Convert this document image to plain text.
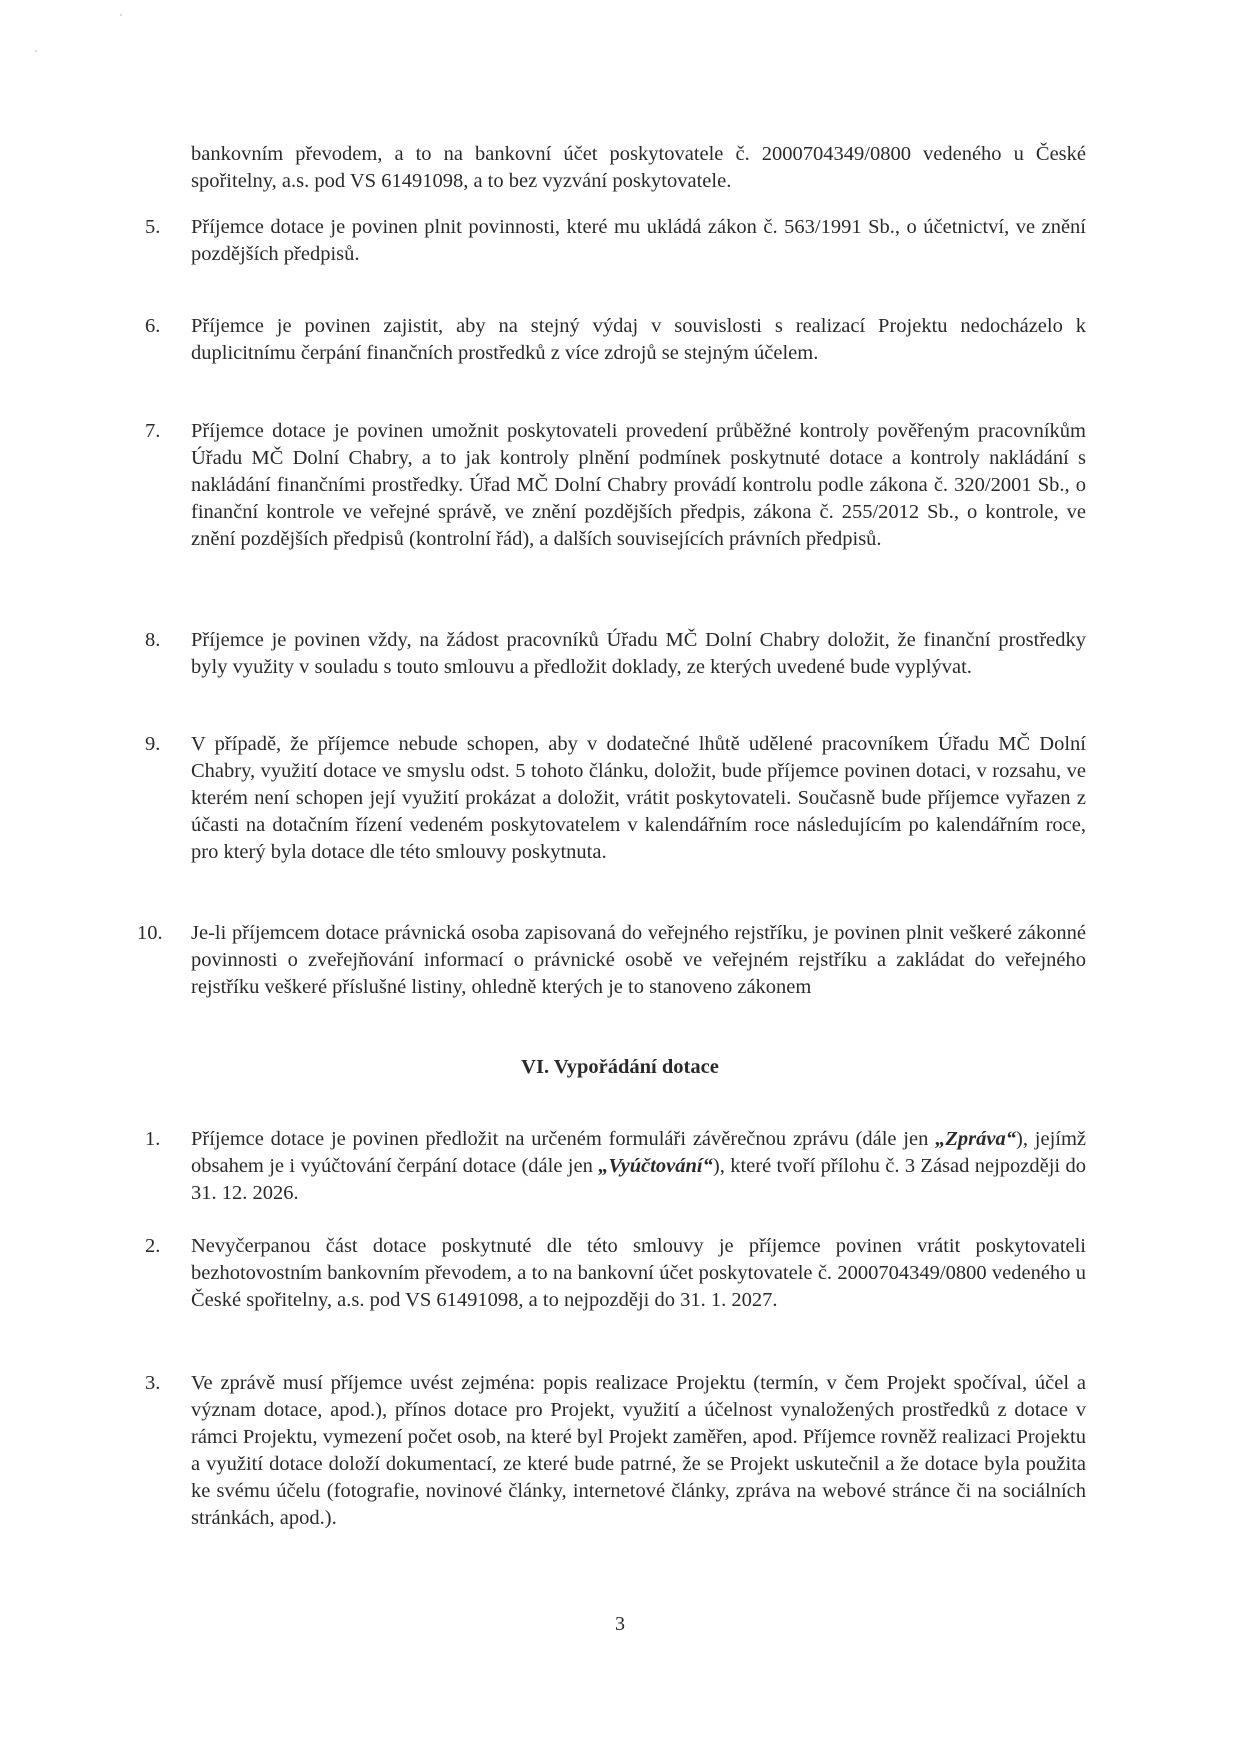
bankovním převodem, a to na bankovní účet poskytovatele č. 2000704349/0800 vedeného u České spořitelny, a.s. pod VS 61491098, a to bez vyzvání poskytovatele.
5.	Příjemce dotace je povinen plnit povinnosti, které mu ukládá zákon č. 563/1991 Sb., o účetnictví, ve znění pozdějších předpisů.
6.	Příjemce je povinen zajistit, aby na stejný výdaj v souvislosti s realizací Projektu nedocházelo k duplicitnímu čerpání finančních prostředků z více zdrojů se stejným účelem.
7.	Příjemce dotace je povinen umožnit poskytovateli provedení průběžné kontroly pověřeným pracovníkům Úřadu MČ Dolní Chabry, a to jak kontroly plnění podmínek poskytnuté dotace a kontroly nakládání s nakládání finančními prostředky. Úřad MČ Dolní Chabry provádí kontrolu podle zákona č. 320/2001 Sb., o finanční kontrole ve veřejné správě, ve znění pozdějších předpis, zákona č. 255/2012 Sb., o kontrole, ve znění pozdějších předpisů (kontrolní řád), a dalších souvisejících právních předpisů.
8.	Příjemce je povinen vždy, na žádost pracovníků Úřadu MČ Dolní Chabry doložit, že finanční prostředky byly využity v souladu s touto smlouvu a předložit doklady, ze kterých uvedené bude vyplývat.
9.	V případě, že příjemce nebude schopen, aby v dodatečné lhůtě udělené pracovníkem Úřadu MČ Dolní Chabry, využití dotace ve smyslu odst. 5 tohoto článku, doložit, bude příjemce povinen dotaci, v rozsahu, ve kterém není schopen její využití prokázat a doložit, vrátit poskytovateli. Současně bude příjemce vyřazen z účasti na dotačním řízení vedeném poskytovatelem v kalendářním roce následujícím po kalendářním roce, pro který byla dotace dle této smlouvy poskytnuta.
10.	Je-li příjemcem dotace právnická osoba zapisovaná do veřejného rejstříku, je povinen plnit veškeré zákonné povinnosti o zveřejňování informací o právnické osobě ve veřejném rejstříku a zakládat do veřejného rejstříku veškeré příslušné listiny, ohledně kterých je to stanoveno zákonem
VI. Vypořádání dotace
1.	Příjemce dotace je povinen předložit na určeném formuláři závěrečnou zprávu (dále jen „Zpráva“), jejímž obsahem je i vyúčtování čerpání dotace (dále jen „Vyúčtování“), které tvoří přílohu č. 3 Zásad nejpozději do 31. 12. 2026.
2.	Nevyčerpanou část dotace poskytnuté dle této smlouvy je příjemce povinen vrátit poskytovateli bezhotovostním bankovním převodem, a to na bankovní účet poskytovatele č. 2000704349/0800 vedeného u České spořitelny, a.s. pod VS 61491098, a to nejpozději do 31. 1. 2027.
3.	Ve zprávě musí příjemce uvést zejména: popis realizace Projektu (termín, v čem Projekt spočíval, účel a význam dotace, apod.), přínos dotace pro Projekt, využití a účelnost vynaložených prostředků z dotace v rámci Projektu, vymezení počet osob, na které byl Projekt zaměřen, apod. Příjemce rovněž realizaci Projektu a využití dotace doloží dokumentací, ze které bude patrné, že se Projekt uskutečnil a že dotace byla použita ke svému účelu (fotografie, novinové články, internetové články, zpráva na webové stránce či na sociálních stránkách, apod.).
3
